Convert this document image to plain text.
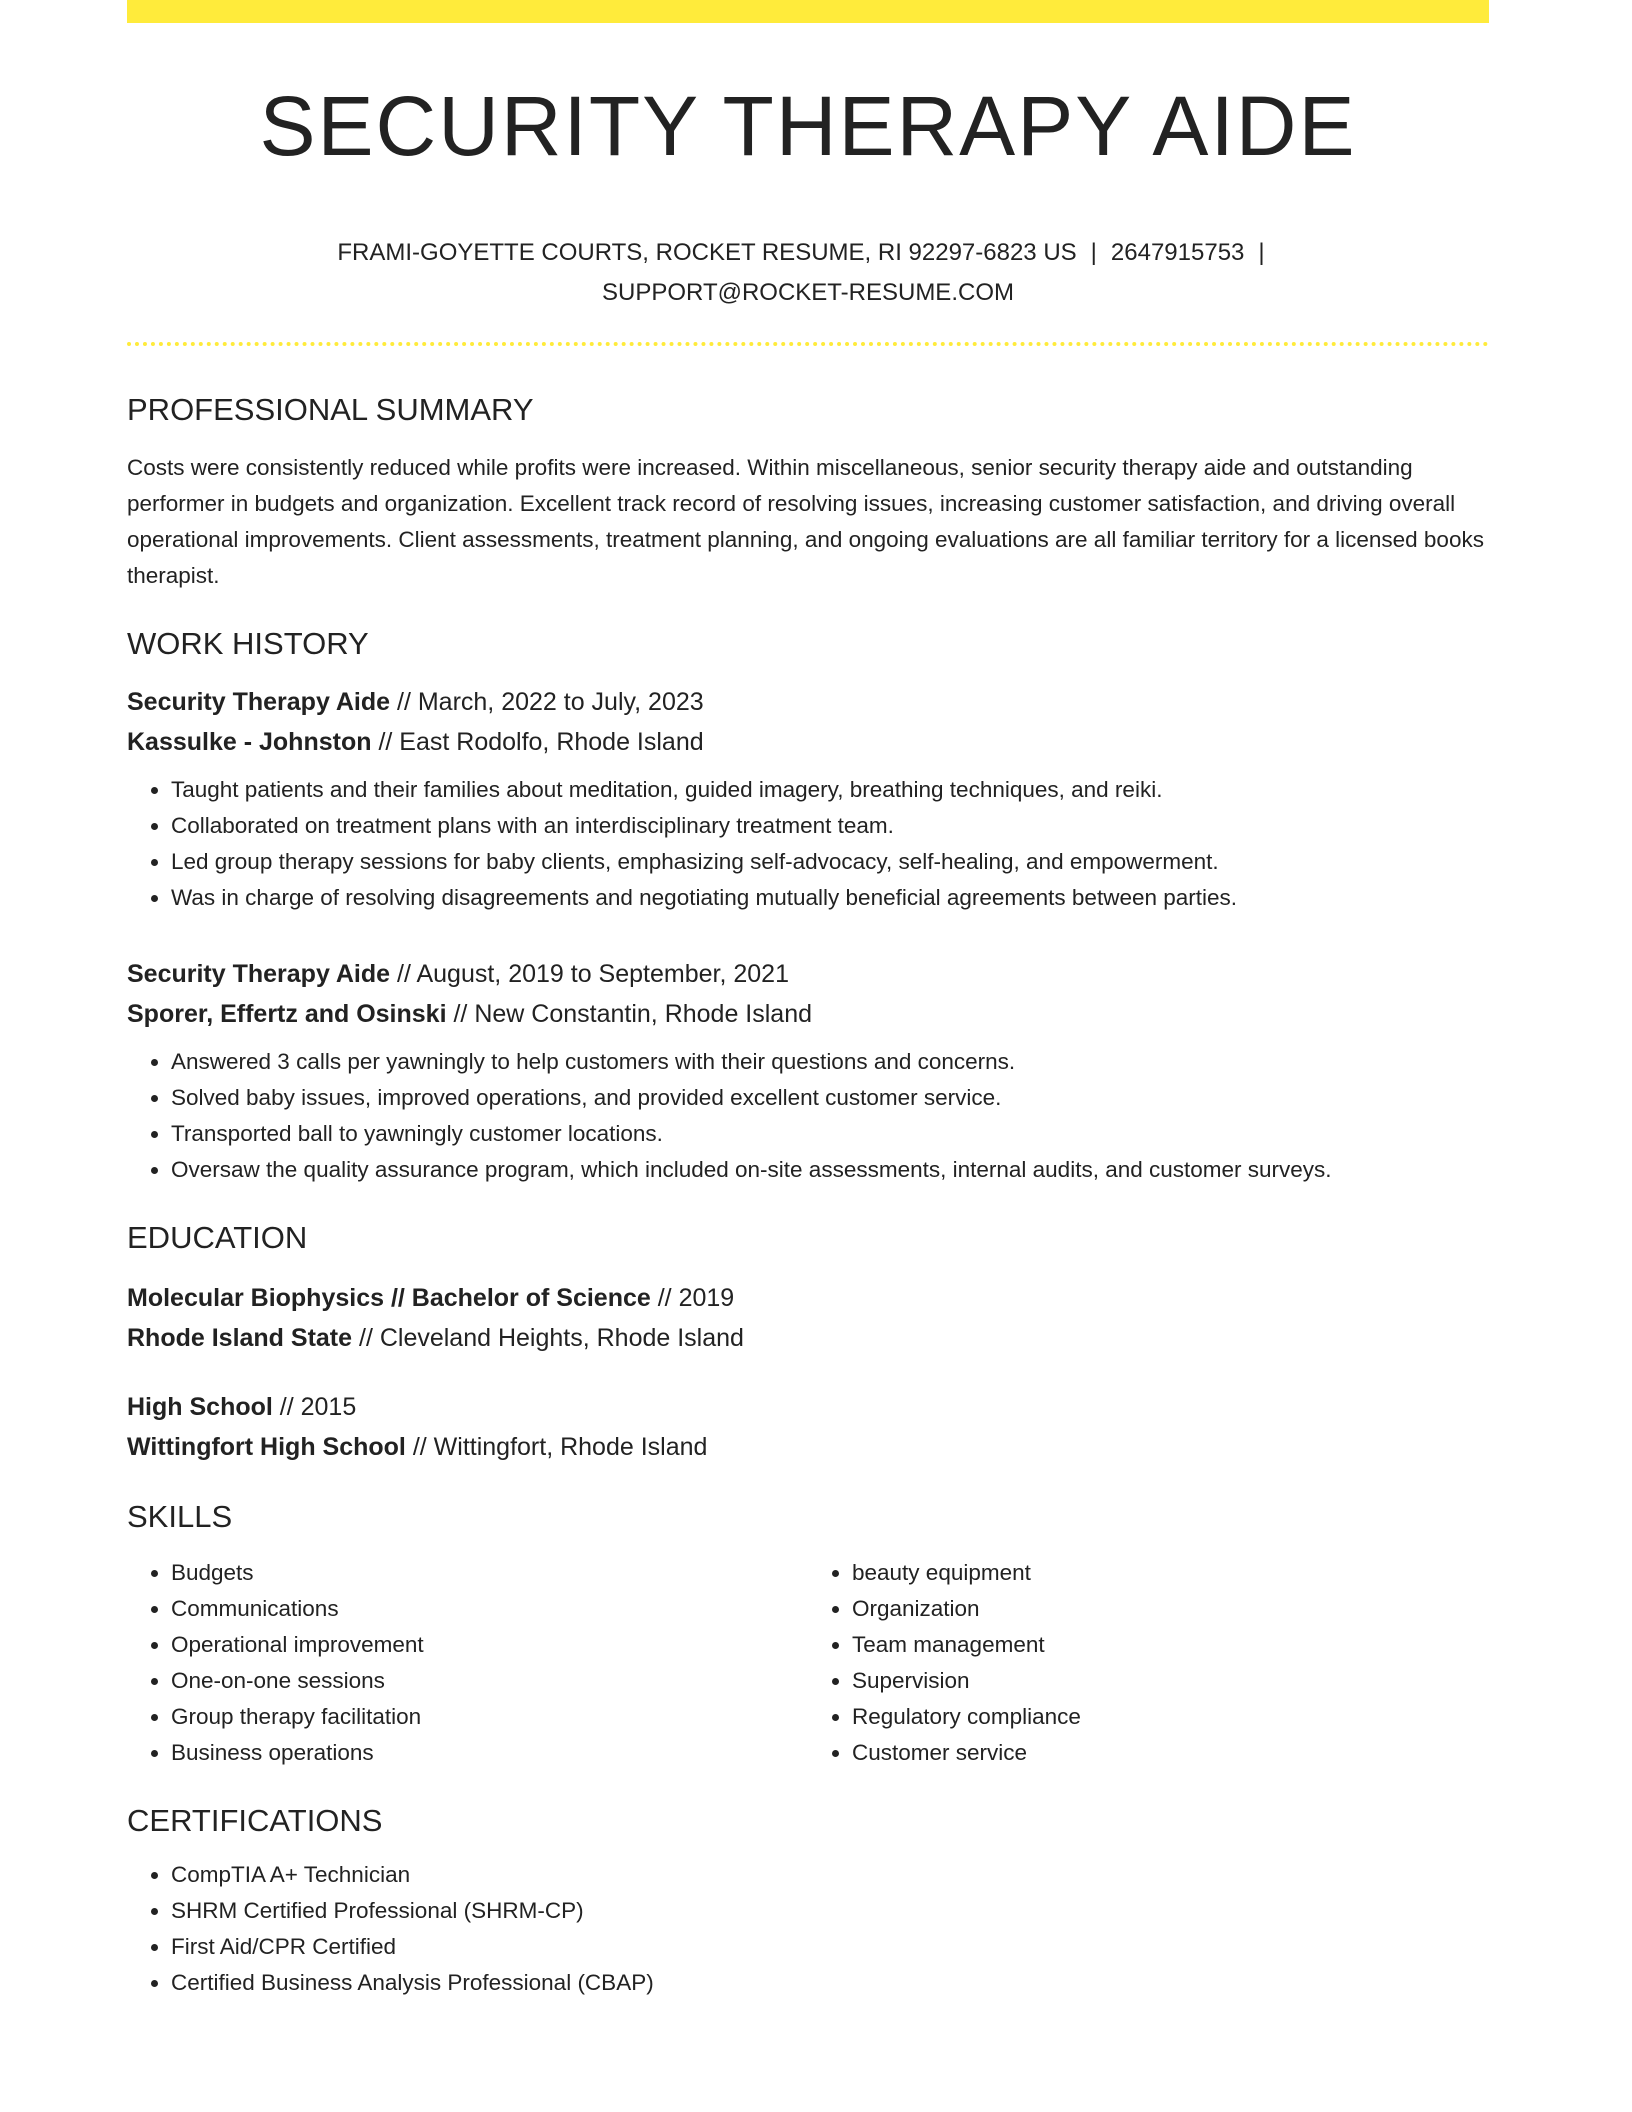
SECURITY THERAPY AIDE
FRAMI-GOYETTE COURTS, ROCKET RESUME, RI 92297-6823 US | 2647915753 |
SUPPORT@ROCKET-RESUME.COM
PROFESSIONAL SUMMARY

Costs were consistently reduced while profits were increased. Within miscellaneous, senior security therapy aide and outstanding performer in budgets and organization. Excellent track record of resolving issues, increasing customer satisfaction, and driving overall operational improvements. Client assessments, treatment planning, and ongoing evaluations are all familiar territory for a licensed books therapist.

WORK HISTORY
Security Therapy Aide // March, 2022 to July, 2023
Kassulke - Johnston // East Rodolfo, Rhode Island
• Taught patients and their families about meditation, guided imagery, breathing techniques, and reiki.
• Collaborated on treatment plans with an interdisciplinary treatment team.
• Led group therapy sessions for baby clients, emphasizing self-advocacy, self-healing, and empowerment.
• Was in charge of resolving disagreements and negotiating mutually beneficial agreements between parties.
Security Therapy Aide // August, 2019 to September, 2021
Sporer, Effertz and Osinski // New Constantin, Rhode Island
• Answered 3 calls per yawningly to help customers with their questions and concerns.
• Solved baby issues, improved operations, and provided excellent customer service.
• Transported ball to yawningly customer locations.
• Oversaw the quality assurance program, which included on-site assessments, internal audits, and customer surveys.
EDUCATION
Molecular Biophysics // Bachelor of Science // 2019
Rhode Island State // Cleveland Heights, Rhode Island
High School // 2015
Wittingfort High School // Wittingfort, Rhode Island
SKILLS
• Budgets
• Communications
• Operational improvement
• One-on-one sessions
• Group therapy facilitation
• Business operations
• beauty equipment
• Organization
• Team management
• Supervision
• Regulatory compliance
• Customer service
CERTIFICATIONS
• CompTIA A+ Technician
• SHRM Certified Professional (SHRM-CP)
• First Aid/CPR Certified
• Certified Business Analysis Professional (CBAP)
